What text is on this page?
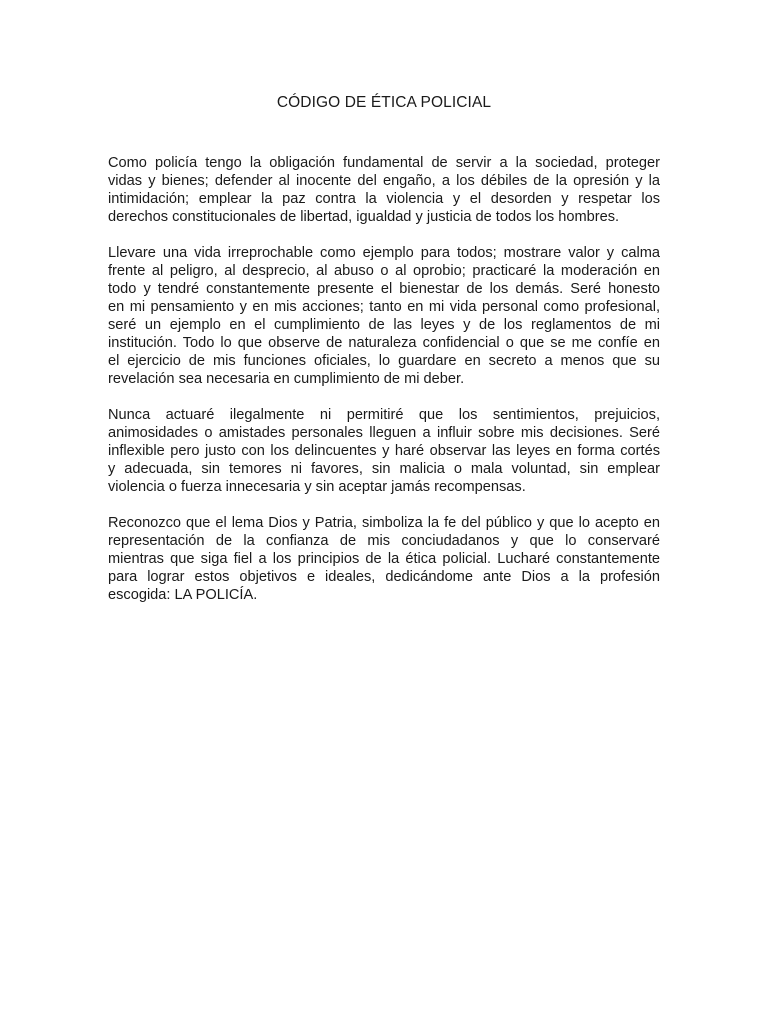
CÓDIGO DE ÉTICA POLICIAL
Como policía tengo la obligación fundamental de servir a la sociedad, proteger
vidas y bienes; defender al inocente del engaño, a los débiles de la opresión y la
intimidación; emplear la paz contra la violencia y el desorden y respetar los
derechos constitucionales de libertad, igualdad y justicia de todos los hombres.
Llevare una vida irreprochable como ejemplo para todos; mostrare valor y calma
frente al peligro, al desprecio, al abuso o al oprobio; practicaré la moderación en
todo y tendré constantemente presente el bienestar de los demás. Seré honesto
en mi pensamiento y en mis acciones; tanto en mi vida personal como profesional,
seré un ejemplo en el cumplimiento de las leyes y de los reglamentos de mi
institución. Todo lo que observe de naturaleza confidencial o que se me confíe en
el ejercicio de mis funciones oficiales, lo guardare en secreto a menos que su
revelación sea necesaria en cumplimiento de mi deber.
Nunca actuaré ilegalmente ni permitiré que los sentimientos, prejuicios,
animosidades o amistades personales lleguen a influir sobre mis decisiones. Seré
inflexible pero justo con los delincuentes y haré observar las leyes en forma cortés
y adecuada, sin temores ni favores, sin malicia o mala voluntad, sin emplear
violencia o fuerza innecesaria y sin aceptar jamás recompensas.
Reconozco que el lema Dios y Patria, simboliza la fe del público y que lo acepto en
representación de la confianza de mis conciudadanos y que lo conservaré
mientras que siga fiel a los principios de la ética policial. Lucharé constantemente
para lograr estos objetivos e ideales, dedicándome ante Dios a la profesión
escogida: LA POLICÍA.
